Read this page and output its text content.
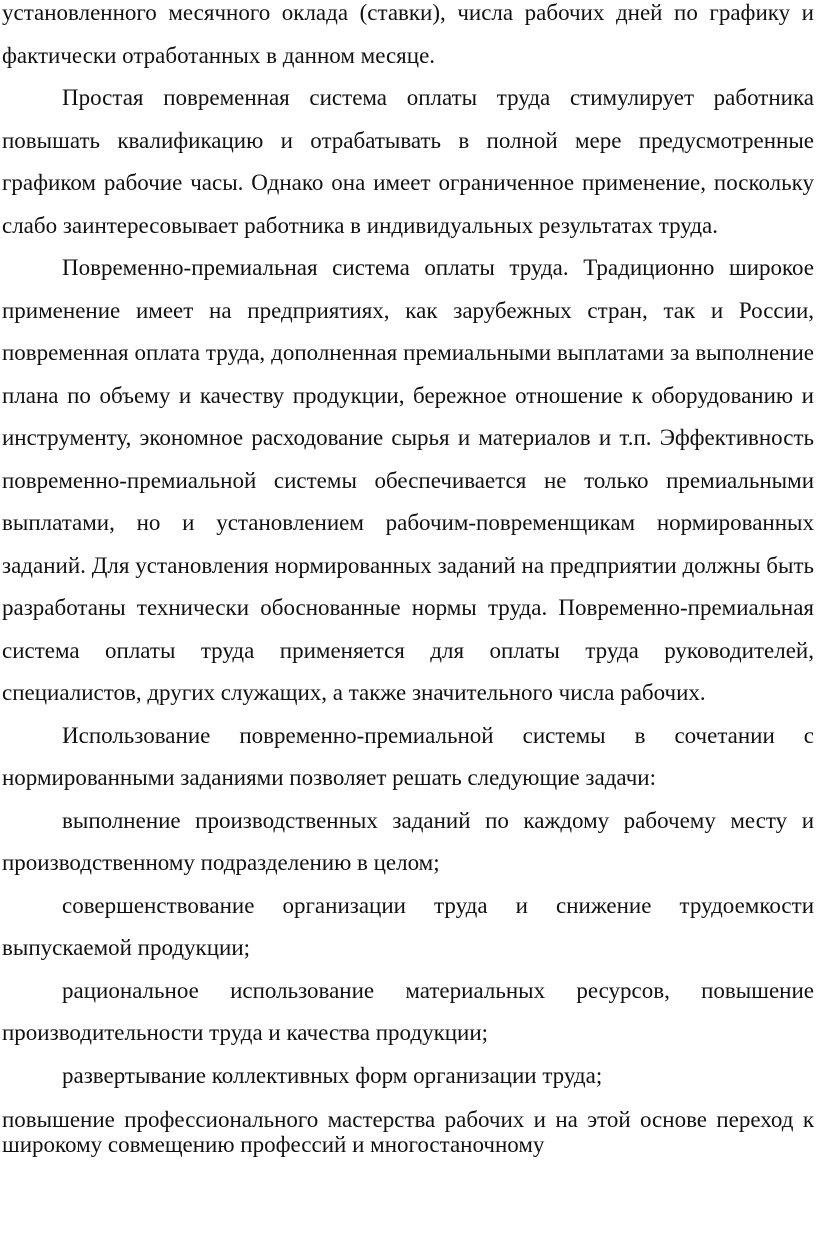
установленного месячного оклада (ставки), числа рабочих дней по графику и фактически отработанных в данном месяце.

Простая повременная система оплаты труда стимулирует работника повышать квалификацию и отрабатывать в полной мере предусмотренные графиком рабочие часы. Однако она имеет ограниченное применение, поскольку слабо заинтересовывает работника в индивидуальных результатах труда.

Повременно-премиальная система оплаты труда. Традиционно широкое применение имеет на предприятиях, как зарубежных стран, так и России, повременная оплата труда, дополненная премиальными выплатами за выполнение плана по объему и качеству продукции, бережное отношение к оборудованию и инструменту, экономное расходование сырья и материалов и т.п. Эффективность повременно-премиальной системы обеспечивается не только премиальными выплатами, но и установлением рабочим-повременщикам нормированных заданий. Для установления нормированных заданий на предприятии должны быть разработаны технически обоснованные нормы труда. Повременно-премиальная система оплаты труда применяется для оплаты труда руководителей, специалистов, других служащих, а также значительного числа рабочих.

Использование повременно-премиальной системы в сочетании с нормированными заданиями позволяет решать следующие задачи:

выполнение производственных заданий по каждому рабочему месту и производственному подразделению в целом;

совершенствование организации труда и снижение трудоемкости выпускаемой продукции;

рациональное использование материальных ресурсов, повышение производительности труда и качества продукции;

развертывание коллективных форм организации труда;

повышение профессионального мастерства рабочих и на этой основе переход к широкому совмещению профессий и многостаночному
